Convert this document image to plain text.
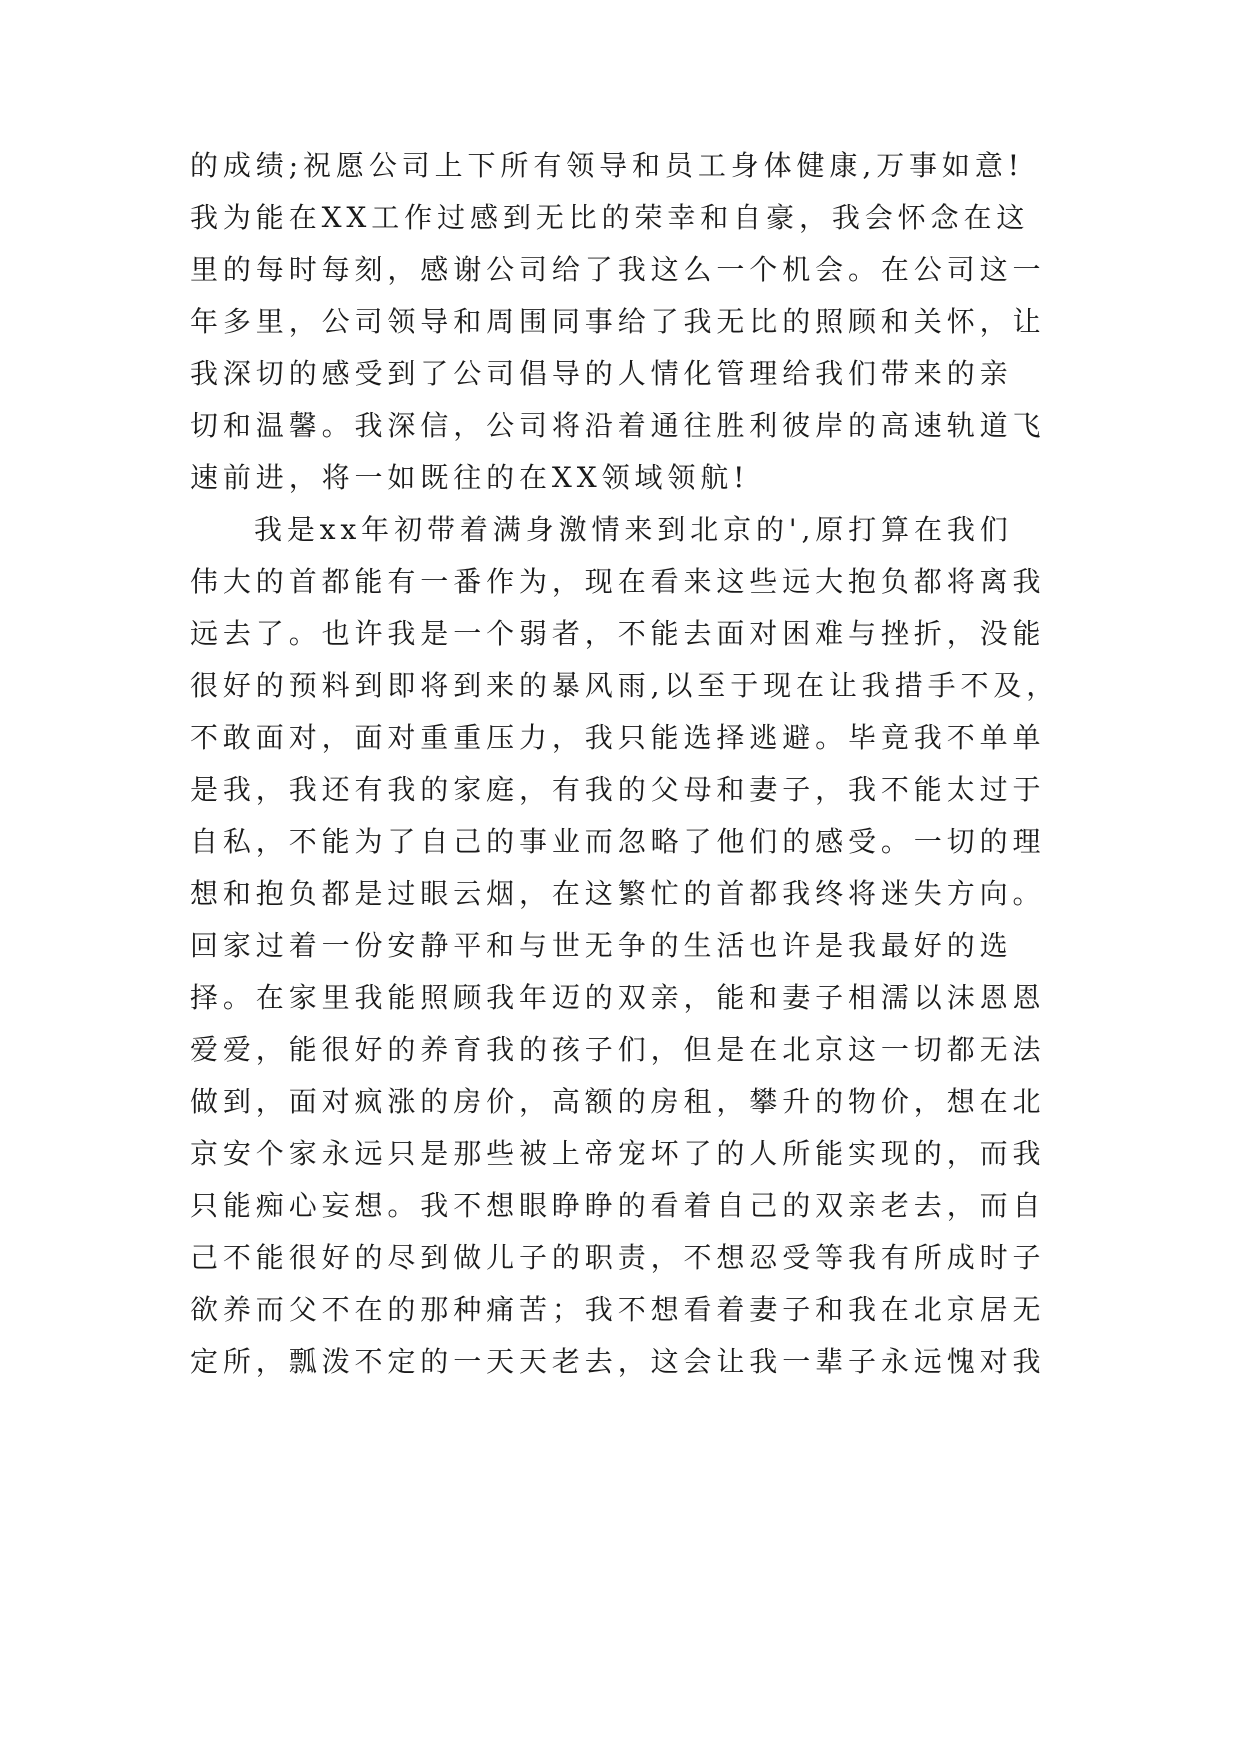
的成绩;祝愿公司上下所有领导和员工身体健康,万事如意!
我为能在XX工作过感到无比的荣幸和自豪，我会怀念在这
里的每时每刻，感谢公司给了我这么一个机会。在公司这一
年多里，公司领导和周围同事给了我无比的照顾和关怀，让
我深切的感受到了公司倡导的人情化管理给我们带来的亲
切和温馨。我深信，公司将沿着通往胜利彼岸的高速轨道飞
速前进，将一如既往的在XX领域领航!
我是xx年初带着满身激情来到北京的',原打算在我们
伟大的首都能有一番作为，现在看来这些远大抱负都将离我
远去了。也许我是一个弱者，不能去面对困难与挫折，没能
很好的预料到即将到来的暴风雨,以至于现在让我措手不及，
不敢面对，面对重重压力，我只能选择逃避。毕竟我不单单
是我，我还有我的家庭，有我的父母和妻子，我不能太过于
自私，不能为了自己的事业而忽略了他们的感受。一切的理
想和抱负都是过眼云烟，在这繁忙的首都我终将迷失方向。
回家过着一份安静平和与世无争的生活也许是我最好的选
择。在家里我能照顾我年迈的双亲，能和妻子相濡以沫恩恩
爱爱，能很好的养育我的孩子们，但是在北京这一切都无法
做到，面对疯涨的房价，高额的房租，攀升的物价，想在北
京安个家永远只是那些被上帝宠坏了的人所能实现的，而我
只能痴心妄想。我不想眼睁睁的看着自己的双亲老去，而自
己不能很好的尽到做儿子的职责，不想忍受等我有所成时子
欲养而父不在的那种痛苦；我不想看着妻子和我在北京居无
定所，瓢泼不定的一天天老去，这会让我一辈子永远愧对我
